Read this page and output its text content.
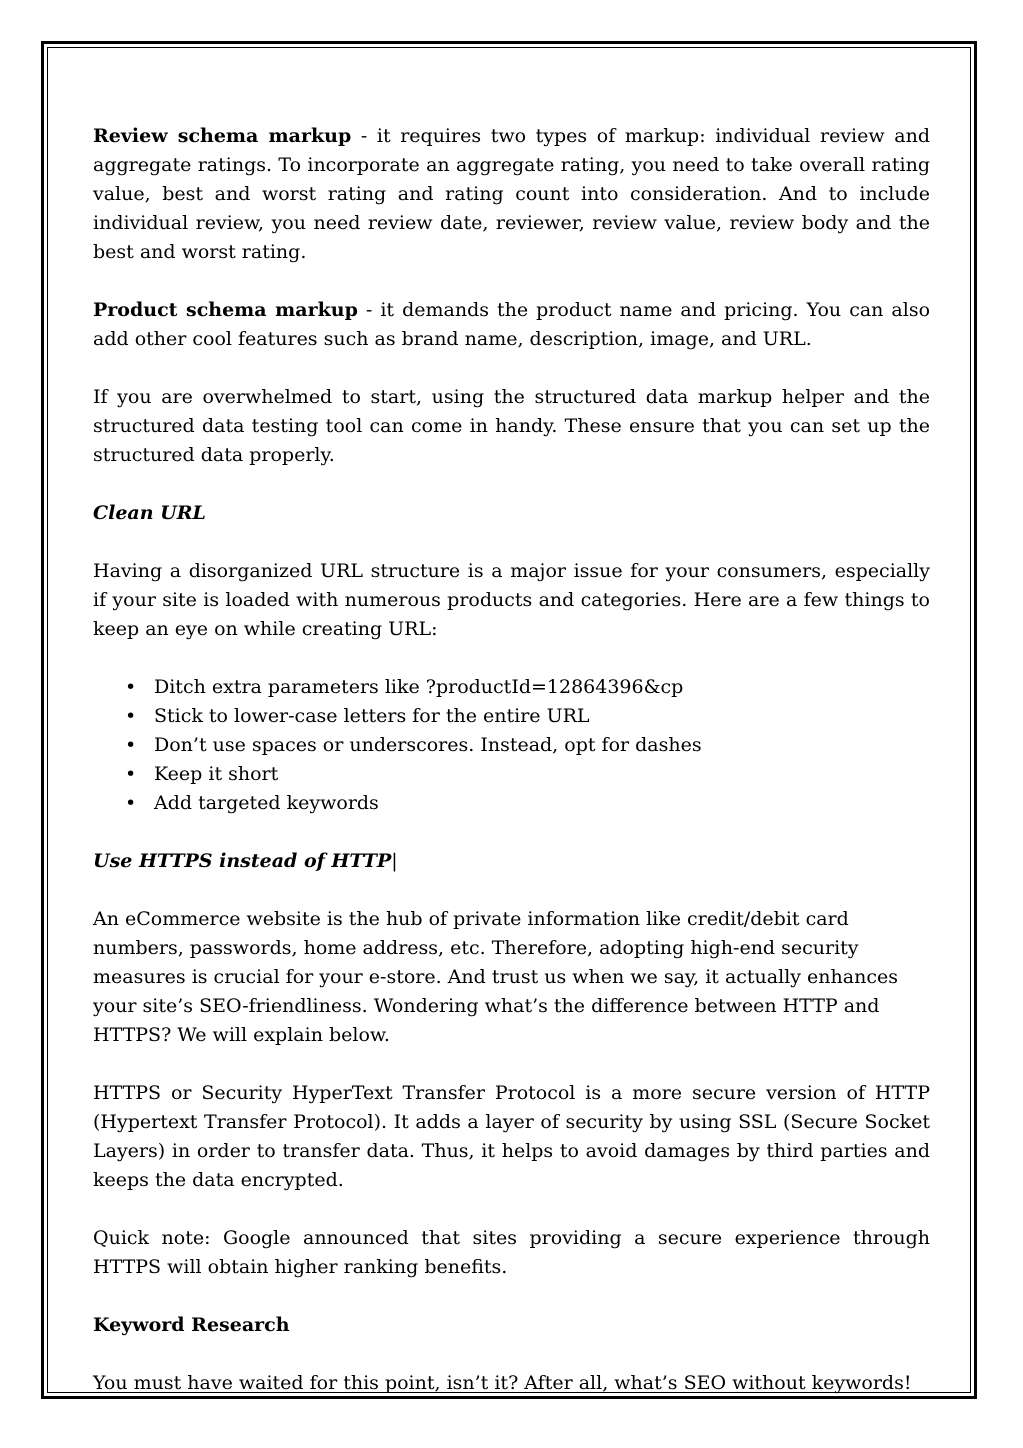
Review schema markup - it requires two types of markup: individual review and aggregate ratings. To incorporate an aggregate rating, you need to take overall rating value, best and worst rating and rating count into consideration. And to include individual review, you need review date, reviewer, review value, review body and the best and worst rating.

Product schema markup - it demands the product name and pricing. You can also add other cool features such as brand name, description, image, and URL.

If you are overwhelmed to start, using the structured data markup helper and the structured data testing tool can come in handy. These ensure that you can set up the structured data properly.

Clean URL

Having a disorganized URL structure is a major issue for your consumers, especially if your site is loaded with numerous products and categories. Here are a few things to keep an eye on while creating URL:

• Ditch extra parameters like ?productId=12864396&cp
• Stick to lower-case letters for the entire URL
• Don’t use spaces or underscores. Instead, opt for dashes
• Keep it short
• Add targeted keywords
Use HTTPS instead of HTTP|

An eCommerce website is the hub of private information like credit/debit card numbers, passwords, home address, etc. Therefore, adopting high-end security measures is crucial for your e-store. And trust us when we say, it actually enhances your site’s SEO-friendliness. Wondering what’s the difference between HTTP and HTTPS? We will explain below.

HTTPS or Security HyperText Transfer Protocol is a more secure version of HTTP (Hypertext Transfer Protocol). It adds a layer of security by using SSL (Secure Socket Layers) in order to transfer data. Thus, it helps to avoid damages by third parties and keeps the data encrypted.

Quick note: Google announced that sites providing a secure experience through HTTPS will obtain higher ranking benefits.

Keyword Research

You must have waited for this point, isn’t it? After all, what’s SEO without keywords!
